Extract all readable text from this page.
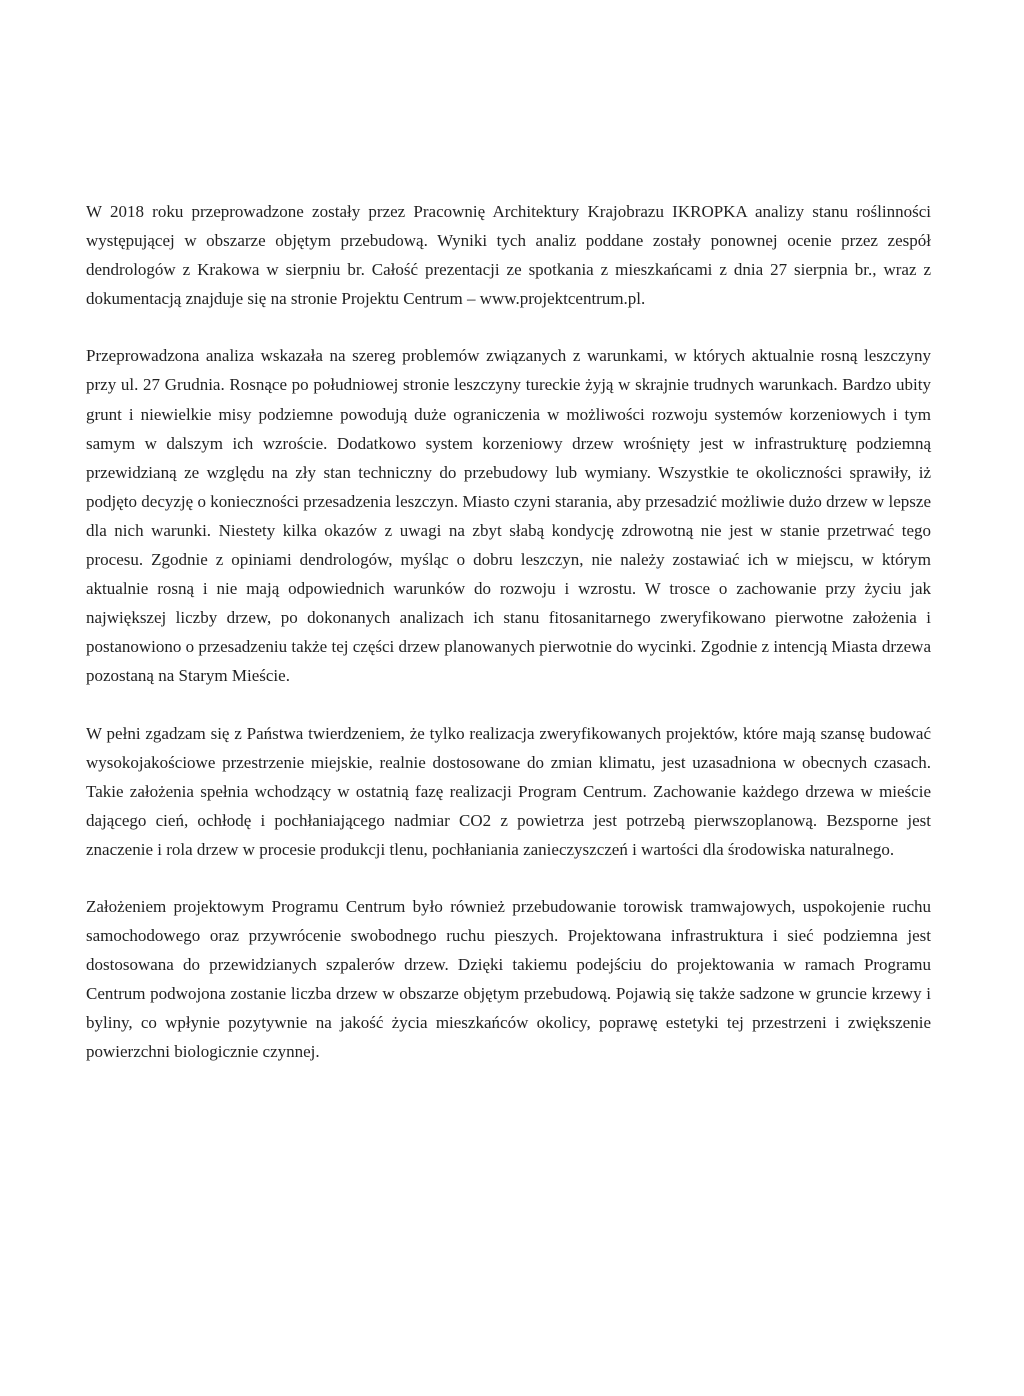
W 2018 roku przeprowadzone zostały przez Pracownię Architektury Krajobrazu IKROPKA analizy stanu roślinności występującej w obszarze objętym przebudową. Wyniki tych analiz poddane zostały ponownej ocenie przez zespół dendrologów z Krakowa w sierpniu br. Całość prezentacji ze spotkania z mieszkańcami z dnia 27 sierpnia br., wraz z dokumentacją znajduje się na stronie Projektu Centrum – www.projektcentrum.pl.

Przeprowadzona analiza wskazała na szereg problemów związanych z warunkami, w których aktualnie rosną leszczyny przy ul. 27 Grudnia. Rosnące po południowej stronie leszczyny tureckie żyją w skrajnie trudnych warunkach. Bardzo ubity grunt i niewielkie misy podziemne powodują duże ograniczenia w możliwości rozwoju systemów korzeniowych i tym samym w dalszym ich wzroście. Dodatkowo system korzeniowy drzew wrośnięty jest w infrastrukturę podziemną przewidzianą ze względu na zły stan techniczny do przebudowy lub wymiany. Wszystkie te okoliczności sprawiły, iż podjęto decyzję o konieczności przesadzenia leszczyn. Miasto czyni starania, aby przesadzić możliwie dużo drzew w lepsze dla nich warunki. Niestety kilka okazów z uwagi na zbyt słabą kondycję zdrowotną nie jest w stanie przetrwać tego procesu. Zgodnie z opiniami dendrologów, myśląc o dobru leszczyn, nie należy zostawiać ich w miejscu, w którym aktualnie rosną i nie mają odpowiednich warunków do rozwoju i wzrostu. W trosce o zachowanie przy życiu jak największej liczby drzew, po dokonanych analizach ich stanu fitosanitarnego zweryfikowano pierwotne założenia i postanowiono o przesadzeniu także tej części drzew planowanych pierwotnie do wycinki. Zgodnie z intencją Miasta drzewa pozostaną na Starym Mieście.

W pełni zgadzam się z Państwa twierdzeniem, że tylko realizacja zweryfikowanych projektów, które mają szansę budować wysokojakościowe przestrzenie miejskie, realnie dostosowane do zmian klimatu, jest uzasadniona w obecnych czasach. Takie założenia spełnia wchodzący w ostatnią fazę realizacji Program Centrum. Zachowanie każdego drzewa w mieście dającego cień, ochłodę i pochłaniającego nadmiar CO2 z powietrza jest potrzebą pierwszoplanową. Bezsporne jest znaczenie i rola drzew w procesie produkcji tlenu, pochłaniania zanieczyszczeń i wartości dla środowiska naturalnego.

Założeniem projektowym Programu Centrum było również przebudowanie torowisk tramwajowych, uspokojenie ruchu samochodowego oraz przywrócenie swobodnego ruchu pieszych. Projektowana infrastruktura i sieć podziemna jest dostosowana do przewidzianych szpalerów drzew. Dzięki takiemu podejściu do projektowania w ramach Programu Centrum podwojona zostanie liczba drzew w obszarze objętym przebudową. Pojawią się także sadzone w gruncie krzewy i byliny, co wpłynie pozytywnie na jakość życia mieszkańców okolicy, poprawę estetyki tej przestrzeni i zwiększenie powierzchni biologicznie czynnej.
